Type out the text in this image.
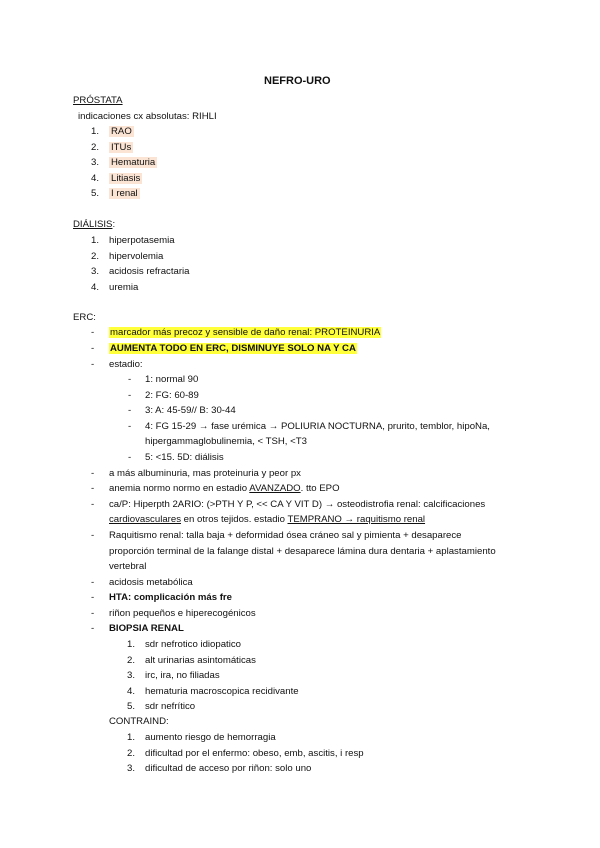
NEFRO-URO
PRÓSTATA
indicaciones cx absolutas: RIHLI
1. RAO
2. ITUs
3. Hematuria
4. Litiasis
5. I renal
DIÁLISIS:
1. hiperpotasemia
2. hipervolemia
3. acidosis refractaria
4. uremia
ERC:
- marcador más precoz y sensible de daño renal: PROTEINURIA
- AUMENTA TODO EN ERC, DISMINUYE SOLO NA Y CA
- estadio:
- 1: normal 90
- 2: FG: 60-89
- 3: A: 45-59// B: 30-44
- 4: FG 15-29 → fase urémica → POLIURIA NOCTURNA, prurito, temblor, hipoNa,
hipergammaglobulinemia, < TSH, <T3
- 5: <15. 5D: diálisis
- a más albuminuria, mas proteinuria y peor px
- anemia normo normo en estadio AVANZADO. tto EPO
- ca/P: Hiperpth 2ARIO: (>PTH Y P, << CA Y VIT D) → osteodistrofia renal: calcificaciones
cardiovasculares en otros tejidos. estadio TEMPRANO → raquitismo renal
- Raquitismo renal: talla baja + deformidad ósea cráneo sal y pimienta + desaparece
proporción terminal de la falange distal + desaparece lámina dura dentaria + aplastamiento
vertebral
- acidosis metabólica
- HTA: complicación más fre
- riñon pequeños e hiperecogénicos
- BIOPSIA RENAL
1. sdr nefrotico idiopatico
2. alt urinarias asintomáticas
3. irc, ira, no filiadas
4. hematuria macroscopica recidivante
5. sdr nefrítico
CONTRAIND:
1. aumento riesgo de hemorragia
2. dificultad por el enfermo: obeso, emb, ascitis, i resp
3. dificultad de acceso por riñon: solo uno
